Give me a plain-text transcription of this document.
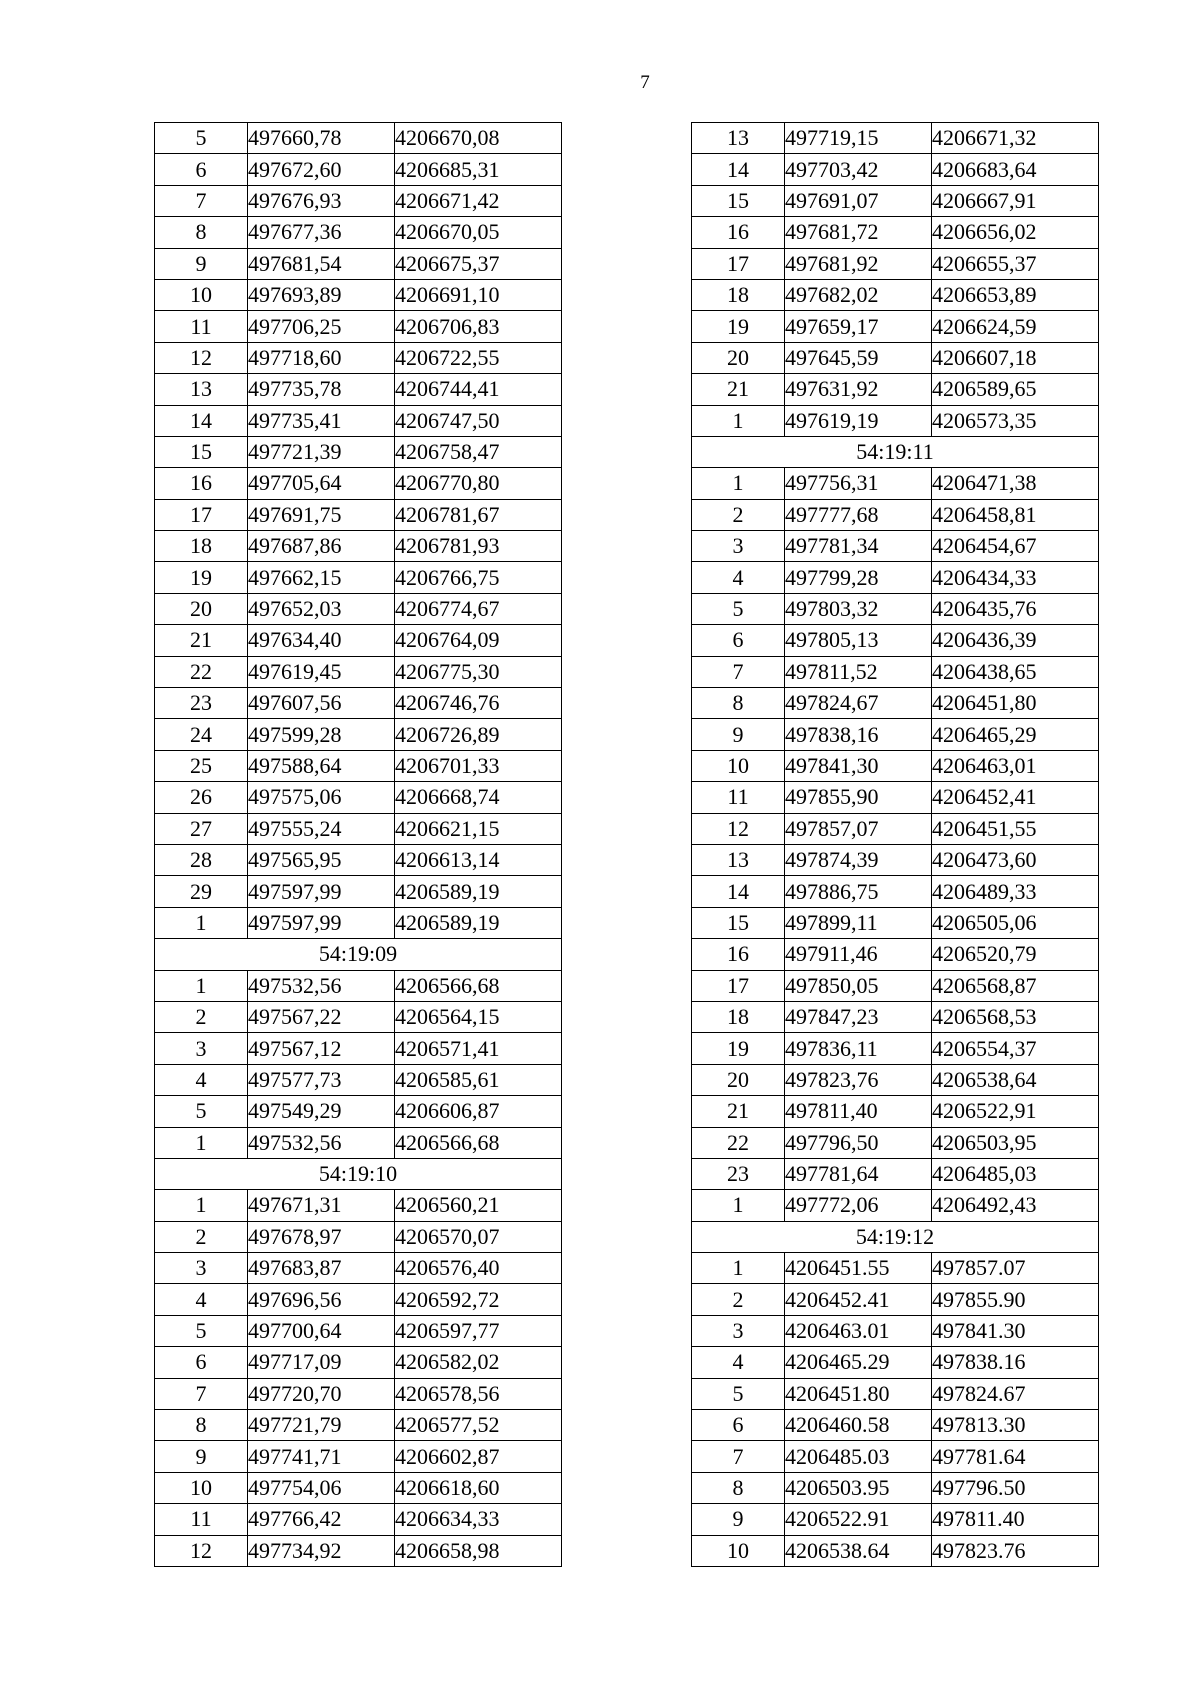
7
5	497660,78	4206670,08
6	497672,60	4206685,31
7	497676,93	4206671,42
8	497677,36	4206670,05
9	497681,54	4206675,37
10	497693,89	4206691,10
11	497706,25	4206706,83
12	497718,60	4206722,55
13	497735,78	4206744,41
14	497735,41	4206747,50
15	497721,39	4206758,47
16	497705,64	4206770,80
17	497691,75	4206781,67
18	497687,86	4206781,93
19	497662,15	4206766,75
20	497652,03	4206774,67
21	497634,40	4206764,09
22	497619,45	4206775,30
23	497607,56	4206746,76
24	497599,28	4206726,89
25	497588,64	4206701,33
26	497575,06	4206668,74
27	497555,24	4206621,15
28	497565,95	4206613,14
29	497597,99	4206589,19
1	497597,99	4206589,19
54:19:09		
1	497532,56	4206566,68
2	497567,22	4206564,15
3	497567,12	4206571,41
4	497577,73	4206585,61
5	497549,29	4206606,87
1	497532,56	4206566,68
54:19:10		
1	497671,31	4206560,21
2	497678,97	4206570,07
3	497683,87	4206576,40
4	497696,56	4206592,72
5	497700,64	4206597,77
6	497717,09	4206582,02
7	497720,70	4206578,56
8	497721,79	4206577,52
9	497741,71	4206602,87
10	497754,06	4206618,60
11	497766,42	4206634,33
12	497734,92	4206658,98
13	497719,15	4206671,32
14	497703,42	4206683,64
15	497691,07	4206667,91
16	497681,72	4206656,02
17	497681,92	4206655,37
18	497682,02	4206653,89
19	497659,17	4206624,59
20	497645,59	4206607,18
21	497631,92	4206589,65
1	497619,19	4206573,35
54:19:11		
1	497756,31	4206471,38
2	497777,68	4206458,81
3	497781,34	4206454,67
4	497799,28	4206434,33
5	497803,32	4206435,76
6	497805,13	4206436,39
7	497811,52	4206438,65
8	497824,67	4206451,80
9	497838,16	4206465,29
10	497841,30	4206463,01
11	497855,90	4206452,41
12	497857,07	4206451,55
13	497874,39	4206473,60
14	497886,75	4206489,33
15	497899,11	4206505,06
16	497911,46	4206520,79
17	497850,05	4206568,87
18	497847,23	4206568,53
19	497836,11	4206554,37
20	497823,76	4206538,64
21	497811,40	4206522,91
22	497796,50	4206503,95
23	497781,64	4206485,03
1	497772,06	4206492,43
54:19:12		
1	4206451.55	497857.07
2	4206452.41	497855.90
3	4206463.01	497841.30
4	4206465.29	497838.16
5	4206451.80	497824.67
6	4206460.58	497813.30
7	4206485.03	497781.64
8	4206503.95	497796.50
9	4206522.91	497811.40
10	4206538.64	497823.76
